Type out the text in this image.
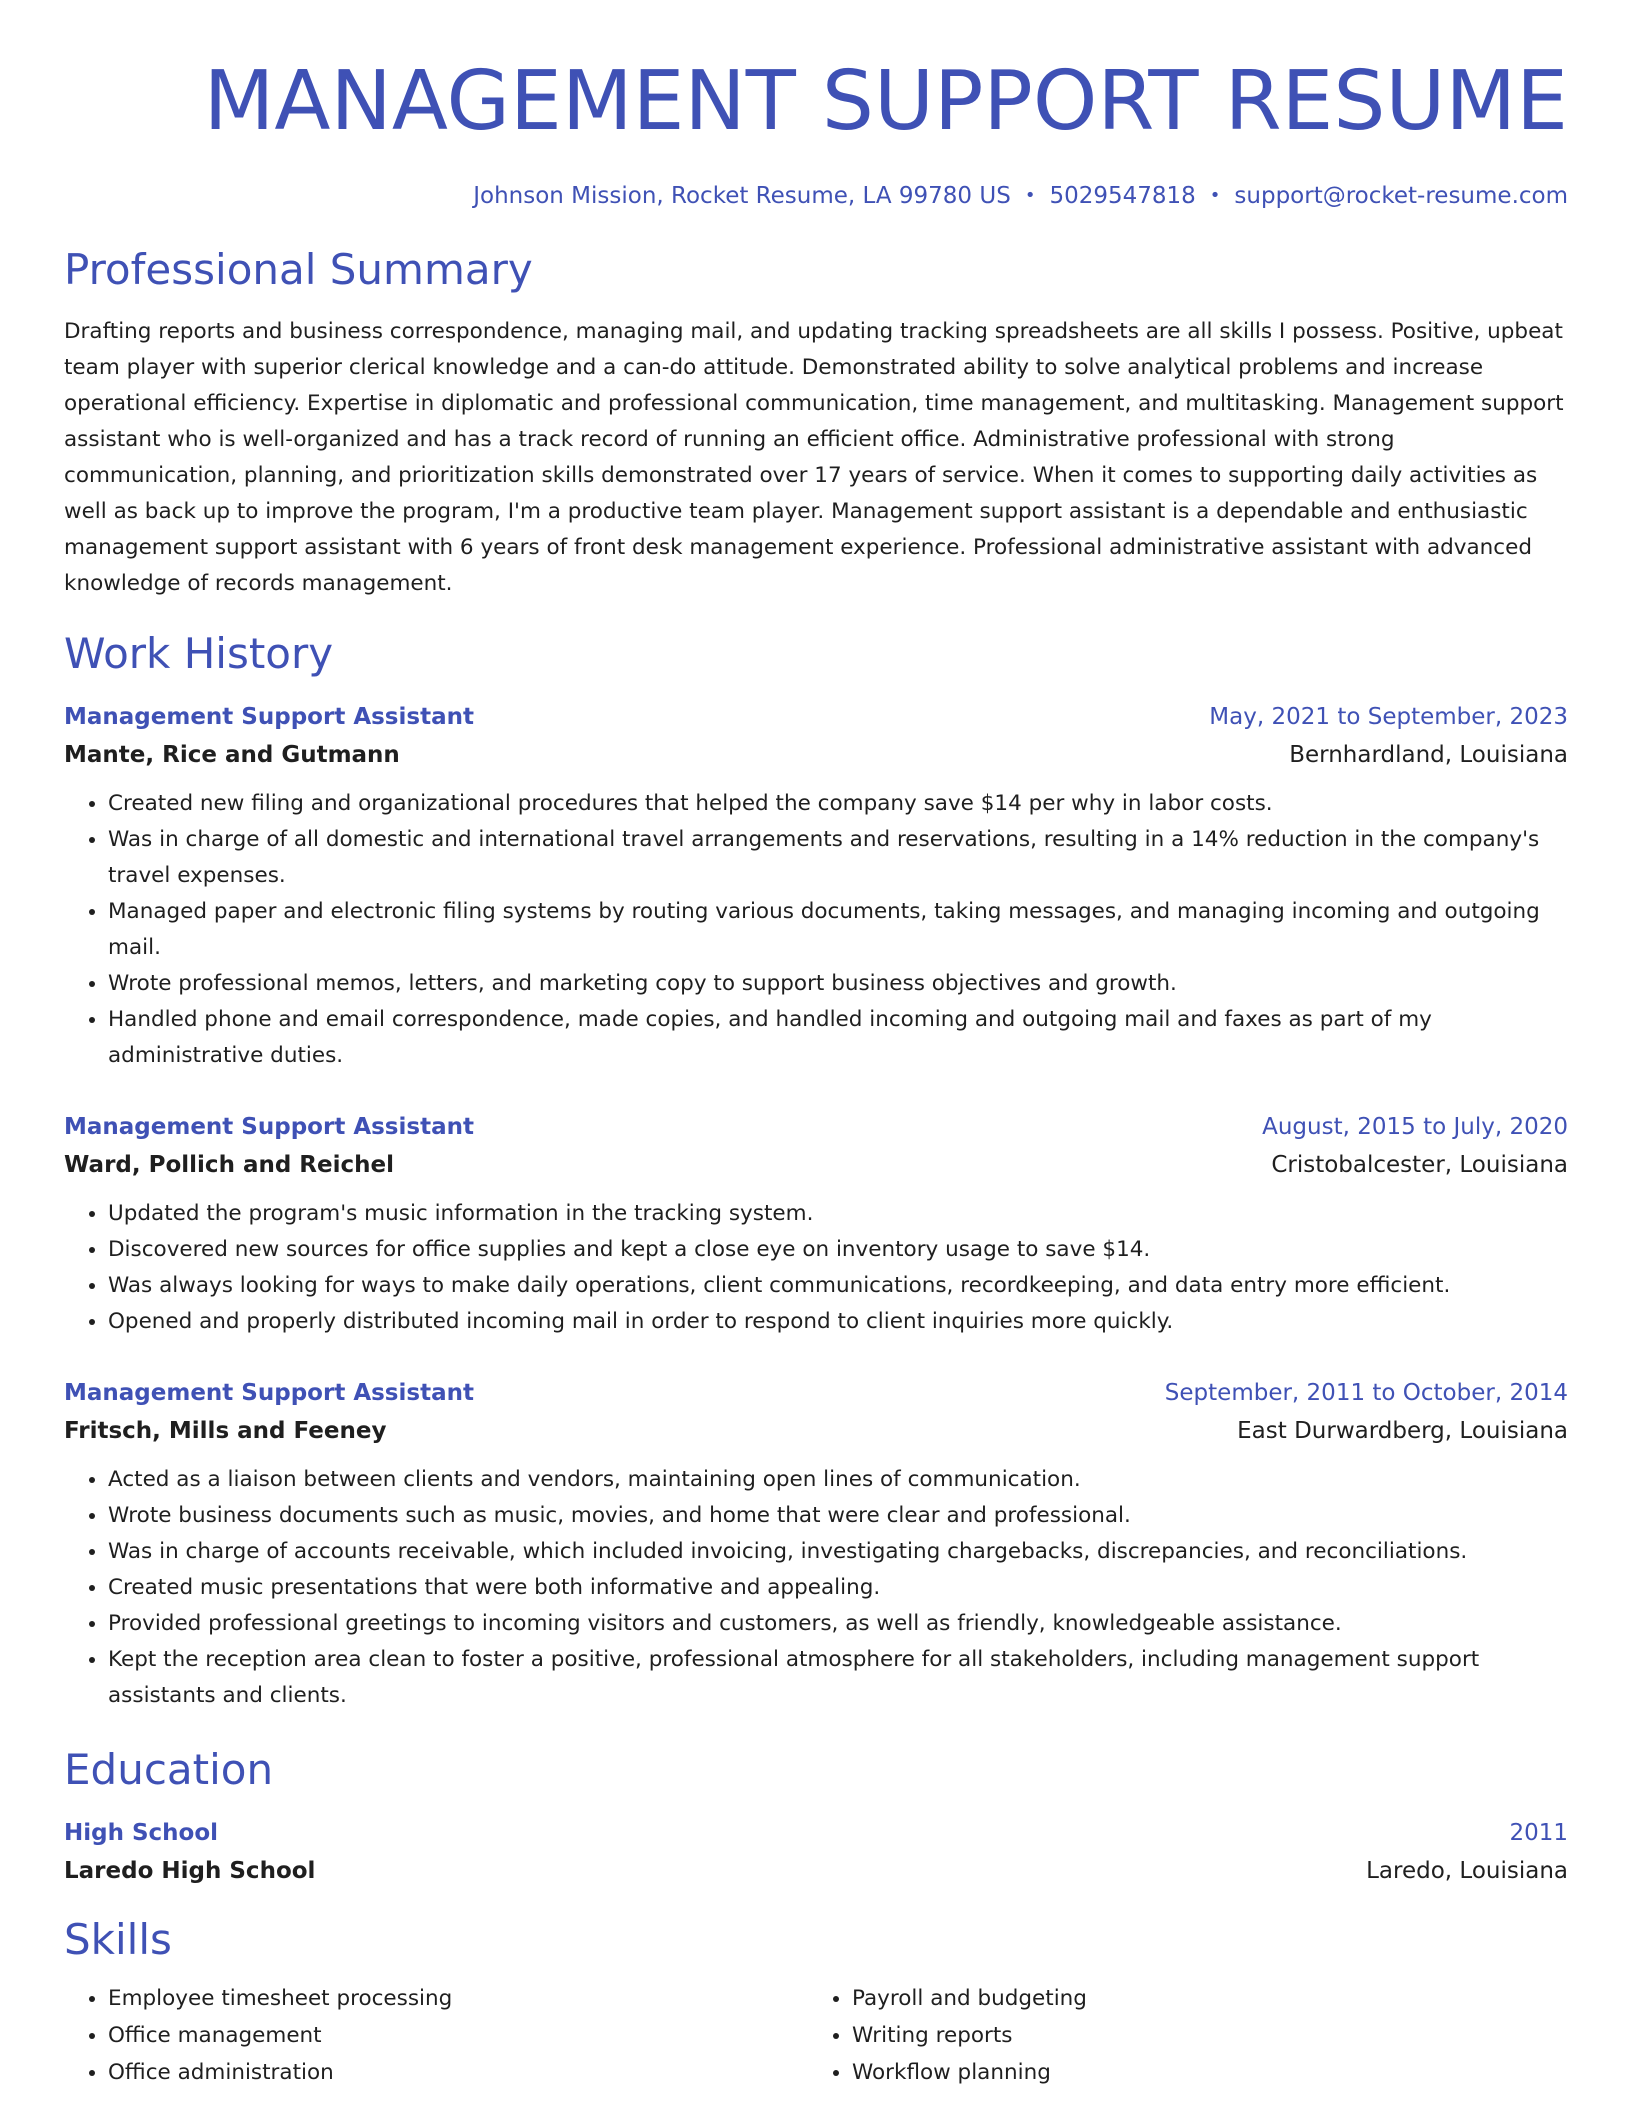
MANAGEMENT SUPPORT RESUME
Johnson Mission, Rocket Resume, LA 99780 US • 5029547818 • support@rocket-resume.com
Professional Summary

Drafting reports and business correspondence, managing mail, and updating tracking spreadsheets are all skills I possess. Positive, upbeat team player with superior clerical knowledge and a can-do attitude. Demonstrated ability to solve analytical problems and increase operational efficiency. Expertise in diplomatic and professional communication, time management, and multitasking. Management support assistant who is well-organized and has a track record of running an efficient office. Administrative professional with strong communication, planning, and prioritization skills demonstrated over 17 years of service. When it comes to supporting daily activities as well as back up to improve the program, I'm a productive team player. Management support assistant is a dependable and enthusiastic management support assistant with 6 years of front desk management experience. Professional administrative assistant with advanced knowledge of records management.

Work History
Management Support Assistant	May, 2021 to September, 2023
Mante, Rice and Gutmann	Bernhardland, Louisiana
• Created new filing and organizational procedures that helped the company save $14 per why in labor costs.
• Was in charge of all domestic and international travel arrangements and reservations, resulting in a 14% reduction in the company's travel expenses.
• Managed paper and electronic filing systems by routing various documents, taking messages, and managing incoming and outgoing mail.
• Wrote professional memos, letters, and marketing copy to support business objectives and growth.
• Handled phone and email correspondence, made copies, and handled incoming and outgoing mail and faxes as part of my administrative duties.
Management Support Assistant	August, 2015 to July, 2020
Ward, Pollich and Reichel	Cristobalcester, Louisiana
• Updated the program's music information in the tracking system.
• Discovered new sources for office supplies and kept a close eye on inventory usage to save $14.
• Was always looking for ways to make daily operations, client communications, recordkeeping, and data entry more efficient.
• Opened and properly distributed incoming mail in order to respond to client inquiries more quickly.
Management Support Assistant	September, 2011 to October, 2014
Fritsch, Mills and Feeney	East Durwardberg, Louisiana
• Acted as a liaison between clients and vendors, maintaining open lines of communication.
• Wrote business documents such as music, movies, and home that were clear and professional.
• Was in charge of accounts receivable, which included invoicing, investigating chargebacks, discrepancies, and reconciliations.
• Created music presentations that were both informative and appealing.
• Provided professional greetings to incoming visitors and customers, as well as friendly, knowledgeable assistance.
• Kept the reception area clean to foster a positive, professional atmosphere for all stakeholders, including management support assistants and clients.
Education
High School	2011
Laredo High School	Laredo, Louisiana
Skills
• Employee timesheet processing
• Office management
• Office administration
• Payroll and budgeting
• Writing reports
• Workflow planning
